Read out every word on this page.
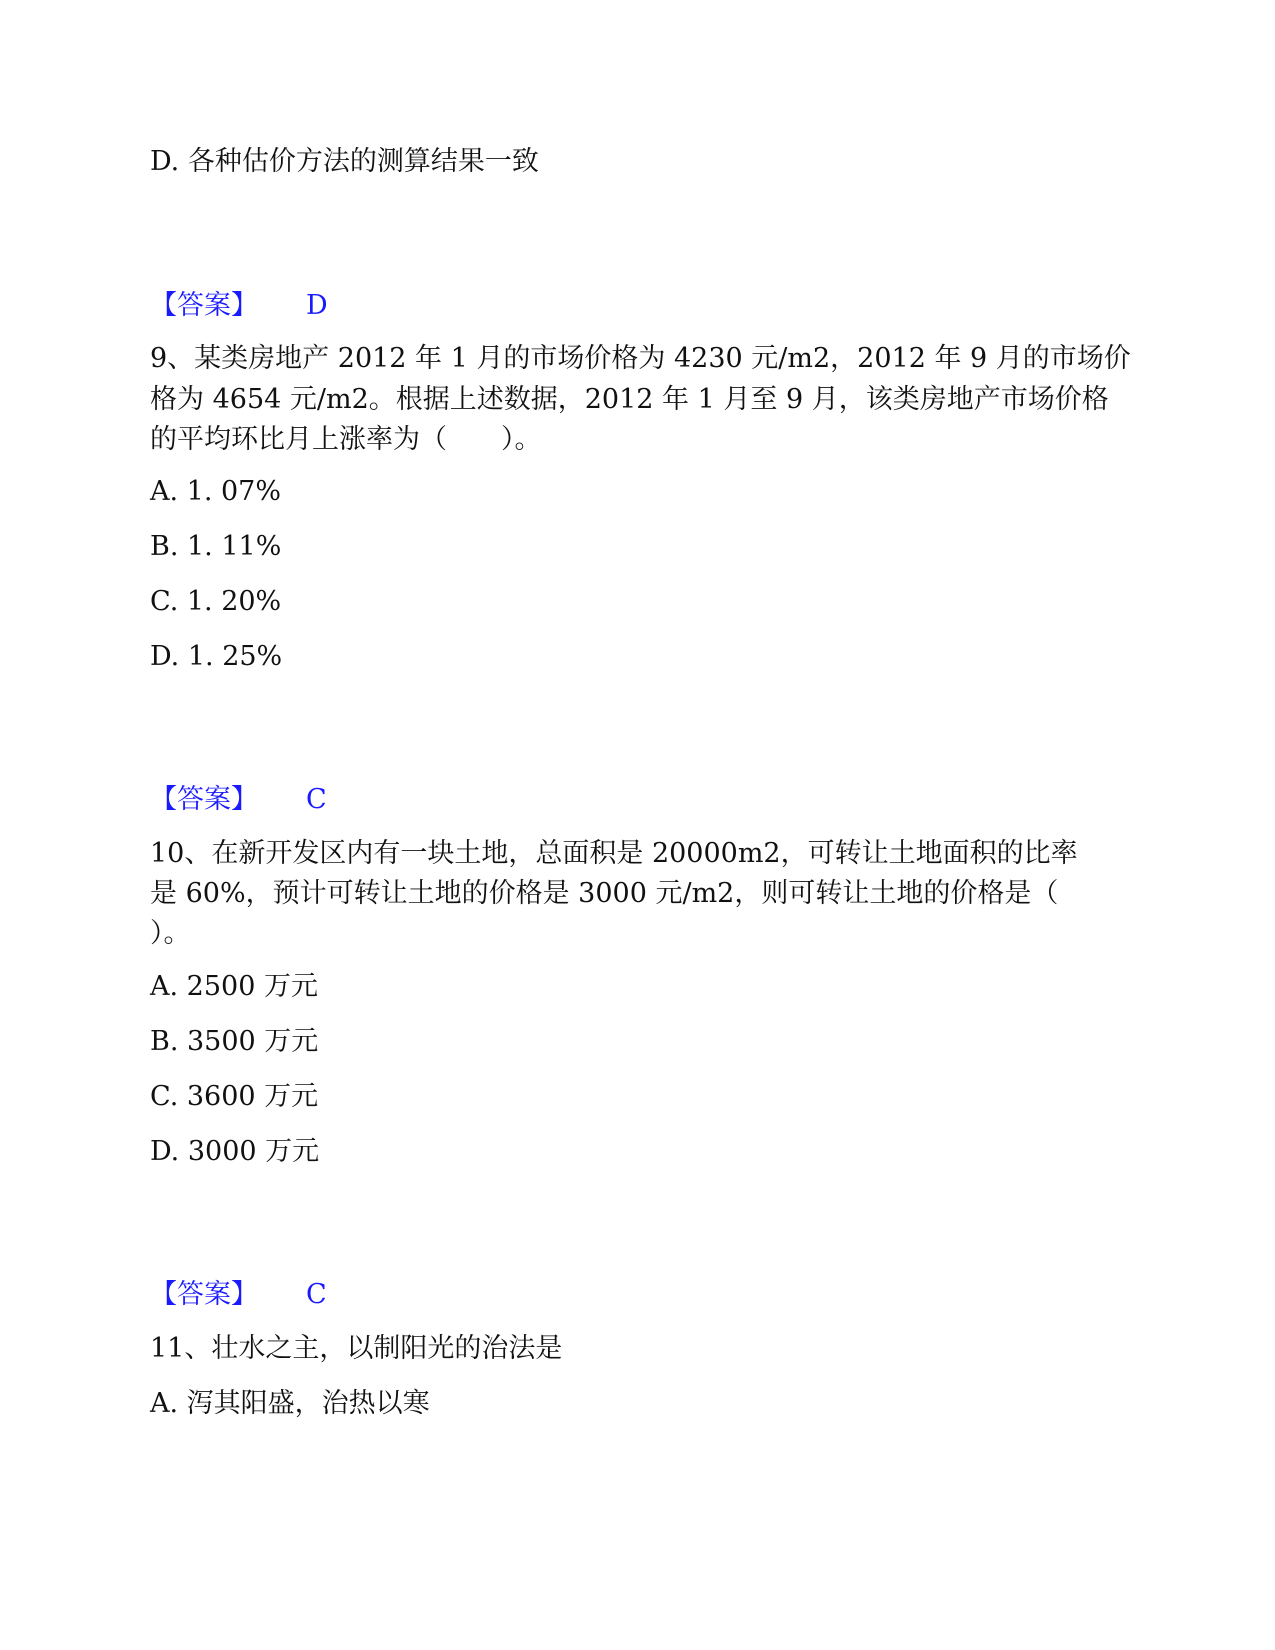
D. 各种估价方法的测算结果一致
【答案】 D
9、某类房地产 2012 年 1 月的市场价格为 4230 元/m2，2012 年 9 月的市场价
格为 4654 元/m2。根据上述数据，2012 年 1 月至 9 月，该类房地产市场价格
的平均环比月上涨率为（　　）。
A. 1. 07%
B. 1. 11%
C. 1. 20%
D. 1. 25%
【答案】 C
10、在新开发区内有一块土地，总面积是 20000m2，可转让土地面积的比率
是 60%，预计可转让土地的价格是 3000 元/m2，则可转让土地的价格是（
）。
A. 2500 万元
B. 3500 万元
C. 3600 万元
D. 3000 万元
【答案】 C
11、壮水之主，以制阳光的治法是
A. 泻其阳盛，治热以寒
